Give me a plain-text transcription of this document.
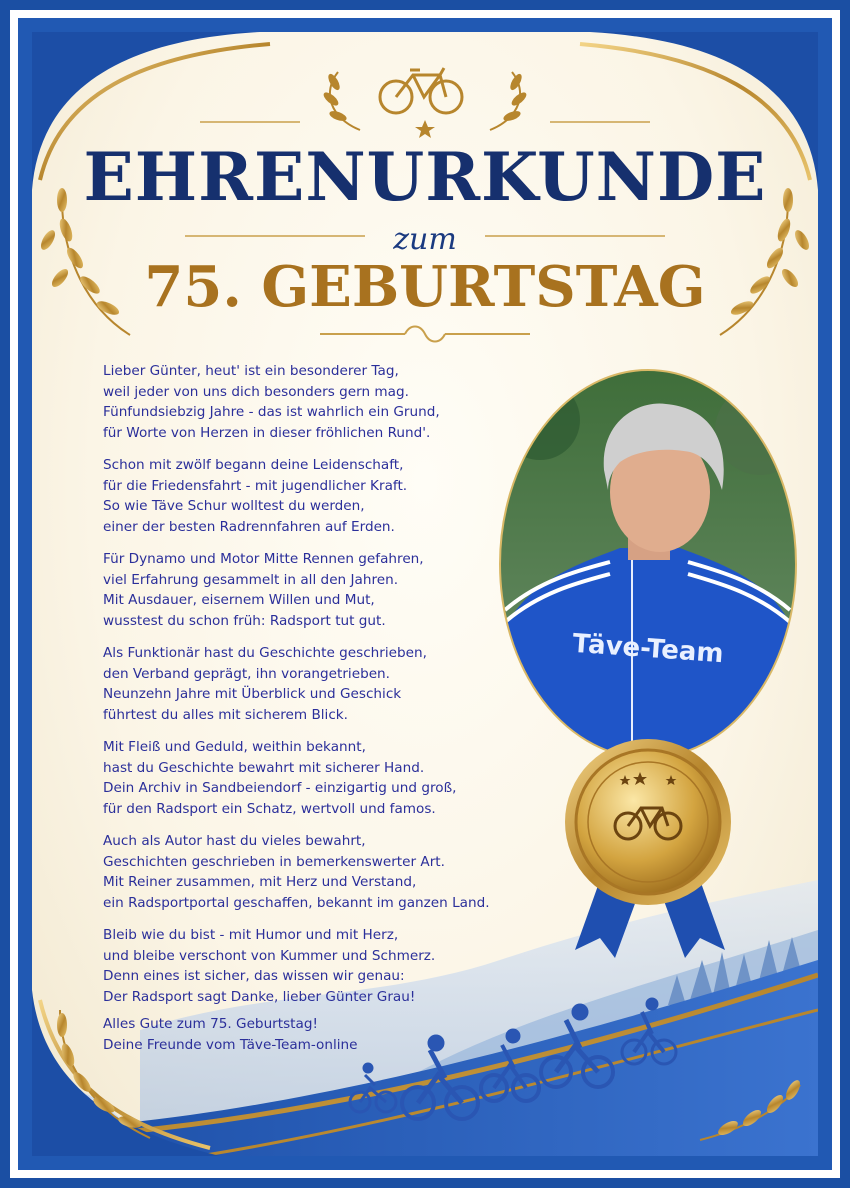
EHRENURKUNDE
zum
75. GEBURTSTAG
Täve-Team
Lieber Günter, heut' ist ein besonderer Tag,
weil jeder von uns dich besonders gern mag.
Fünfundsiebzig Jahre - das ist wahrlich ein Grund,
für Worte von Herzen in dieser fröhlichen Rund'.
Schon mit zwölf begann deine Leidenschaft,
für die Friedensfahrt - mit jugendlicher Kraft.
So wie Täve Schur wolltest du werden,
einer der besten Radrennfahren auf Erden.
Für Dynamo und Motor Mitte Rennen gefahren,
viel Erfahrung gesammelt in all den Jahren.
Mit Ausdauer, eisernem Willen und Mut,
wusstest du schon früh: Radsport tut gut.
Als Funktionär hast du Geschichte geschrieben,
den Verband geprägt, ihn vorangetrieben.
Neunzehn Jahre mit Überblick und Geschick
führtest du alles mit sicherem Blick.
Mit Fleiß und Geduld, weithin bekannt,
hast du Geschichte bewahrt mit sicherer Hand.
Dein Archiv in Sandbeiendorf - einzigartig und groß,
für den Radsport ein Schatz, wertvoll und famos.
Auch als Autor hast du vieles bewahrt,
Geschichten geschrieben in bemerkenswerter Art.
Mit Reiner zusammen, mit Herz und Verstand,
ein Radsportportal geschaffen, bekannt im ganzen Land.
Bleib wie du bist - mit Humor und mit Herz,
und bleibe verschont von Kummer und Schmerz.
Denn eines ist sicher, das wissen wir genau:
Der Radsport sagt Danke, lieber Günter Grau!
Alles Gute zum 75. Geburtstag!
Deine Freunde vom Täve-Team-online
